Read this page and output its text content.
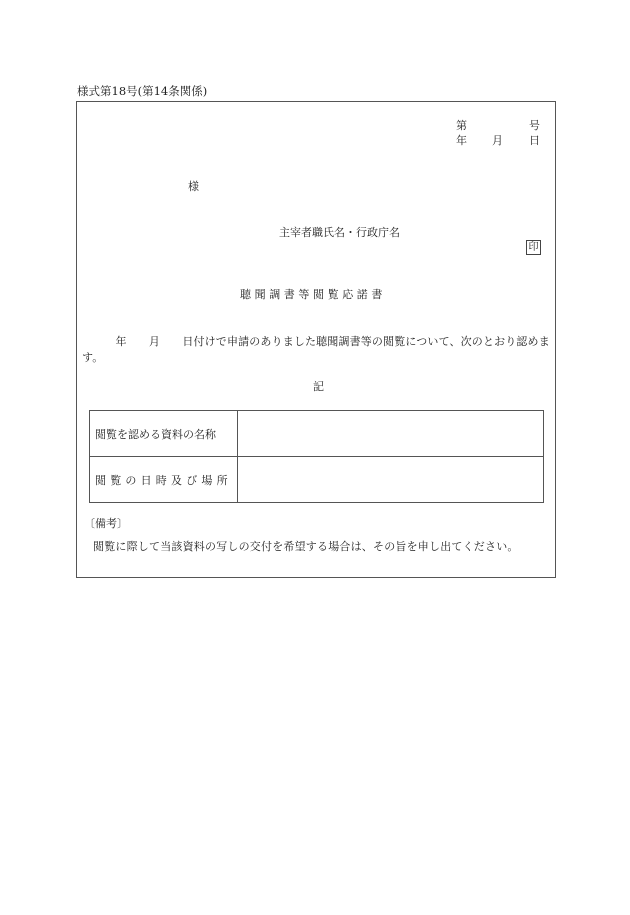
様式第18号(第14条関係)
第	号
年 月 日
様
主宰者職氏名・行政庁名
印
聴聞調書等閲覧応諾書
　　　年　　月　　日付けで申請のありました聴聞調書等の閲覧について、次のとおり認めます。
記
閲覧を認める資料の名称	
閲覧の日時及び場所	
〔備考〕
閲覧に際して当該資料の写しの交付を希望する場合は、その旨を申し出てください。
